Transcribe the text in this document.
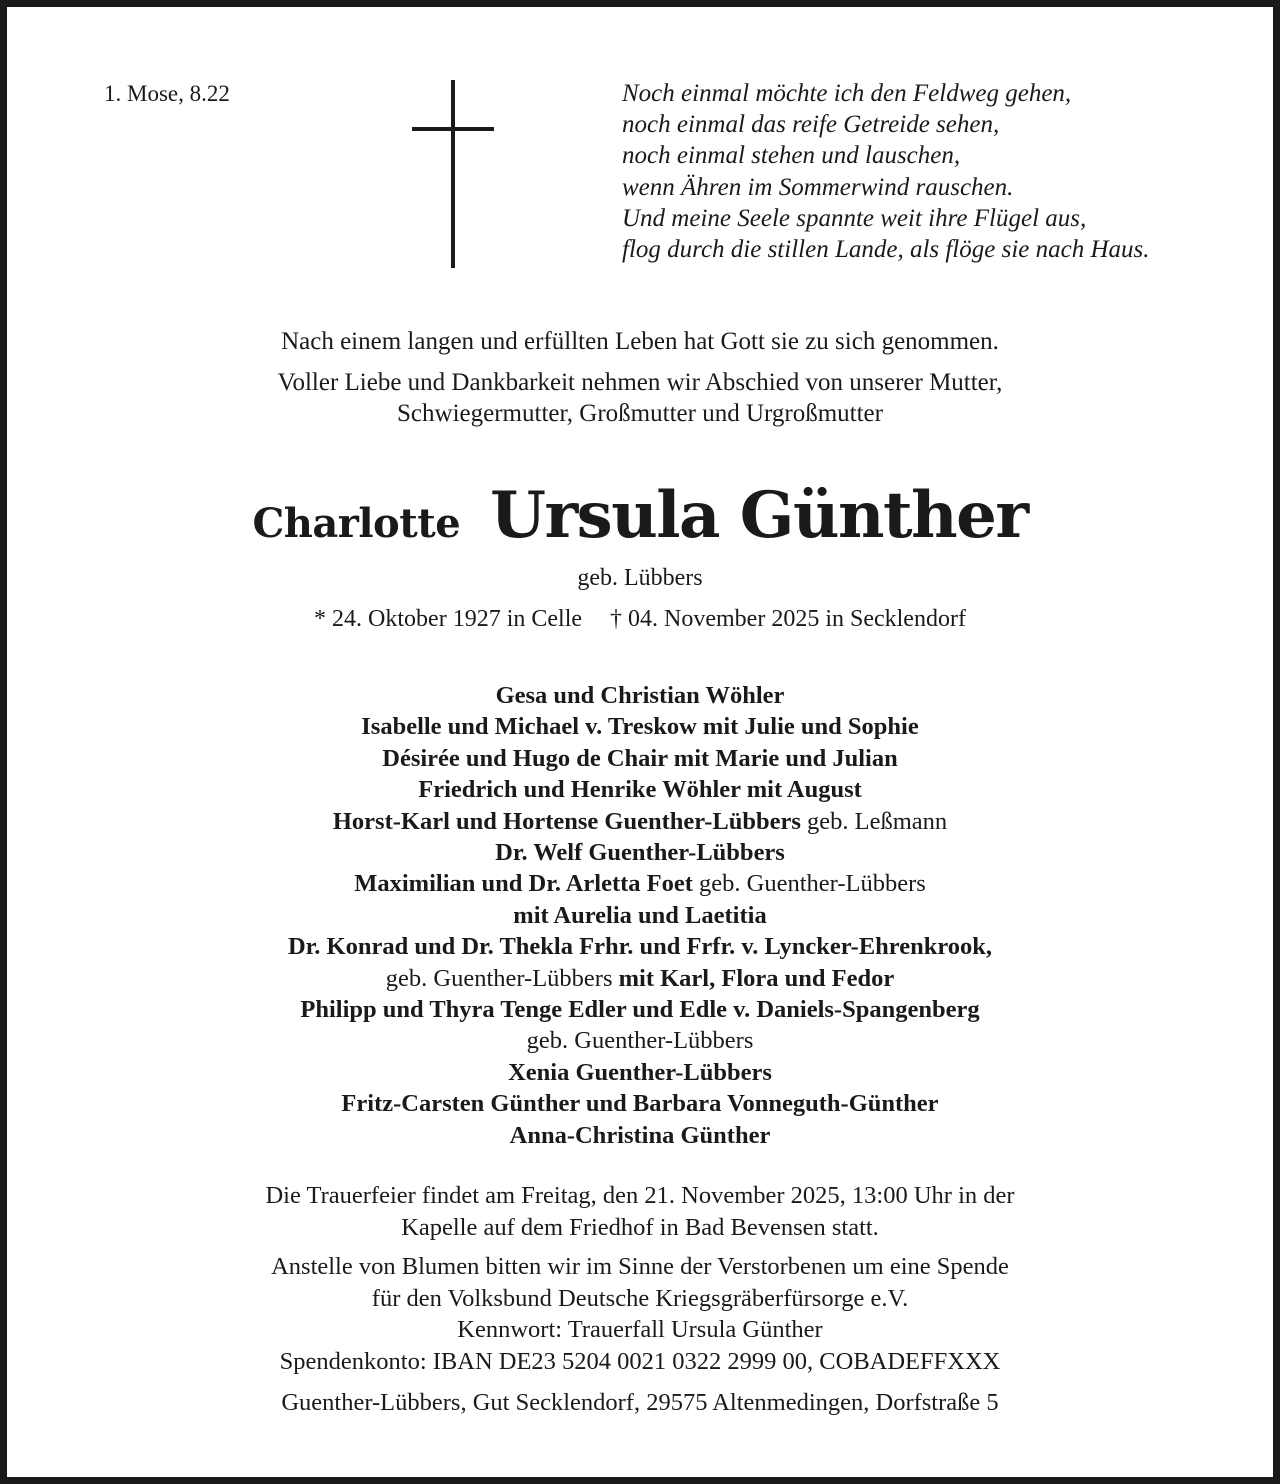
1. Mose, 8.22	Noch einmal möchte ich den Feldweg gehen,
noch einmal das reife Getreide sehen,
noch einmal stehen und lauschen,
wenn Ähren im Sommerwind rauschen.
Und meine Seele spannte weit ihre Flügel aus,
flog durch die stillen Lande, als flöge sie nach Haus.
Nach einem langen und erfüllten Leben hat Gott sie zu sich genommen.
Voller Liebe und Dankbarkeit nehmen wir Abschied von unserer Mutter,
Schwiegermutter, Großmutter und Urgroßmutter
Charlotte Ursula Günther
geb. Lübbers
* 24. Oktober 1927 in Celle † 04. November 2025 in Secklendorf
Gesa und Christian Wöhler
Isabelle und Michael v. Treskow mit Julie und Sophie
Désirée und Hugo de Chair mit Marie und Julian
Friedrich und Henrike Wöhler mit August
Horst-Karl und Hortense Guenther-Lübbers geb. Leßmann
Dr. Welf Guenther-Lübbers
Maximilian und Dr. Arletta Foet geb. Guenther-Lübbers
mit Aurelia und Laetitia
Dr. Konrad und Dr. Thekla Frhr. und Frfr. v. Lyncker-Ehrenkrook,
geb. Guenther-Lübbers mit Karl, Flora und Fedor
Philipp und Thyra Tenge Edler und Edle v. Daniels-Spangenberg
geb. Guenther-Lübbers
Xenia Guenther-Lübbers
Fritz-Carsten Günther und Barbara Vonneguth-Günther
Anna-Christina Günther
Die Trauerfeier findet am Freitag, den 21. November 2025, 13:00 Uhr in der
Kapelle auf dem Friedhof in Bad Bevensen statt.
Anstelle von Blumen bitten wir im Sinne der Verstorbenen um eine Spende
für den Volksbund Deutsche Kriegsgräberfürsorge e.V.
Kennwort: Trauerfall Ursula Günther
Spendenkonto: IBAN DE23 5204 0021 0322 2999 00, COBADEFFXXX
Guenther-Lübbers, Gut Secklendorf, 29575 Altenmedingen, Dorfstraße 5
